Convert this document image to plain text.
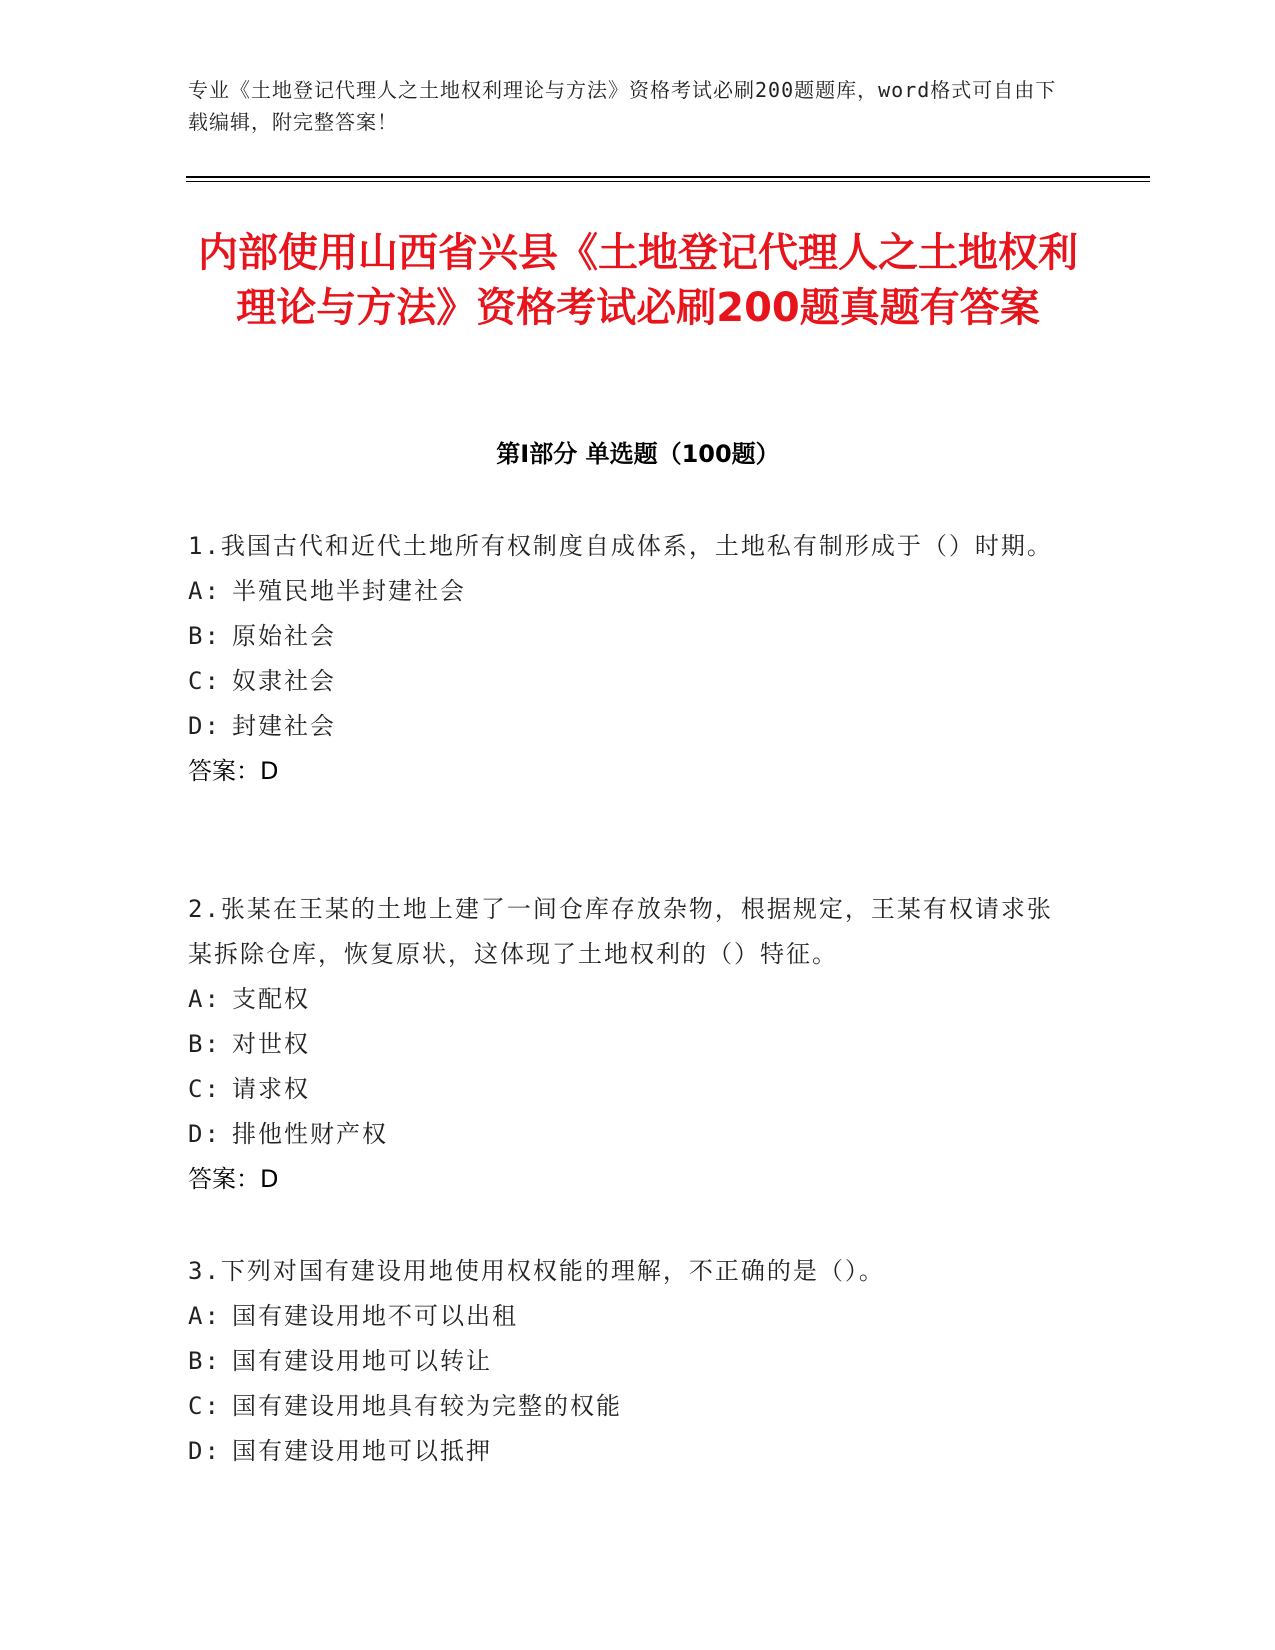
专业《土地登记代理人之土地权利理论与方法》资格考试必刷200题题库，word格式可自由下载编辑，附完整答案！
内部使用山西省兴县《土地登记代理人之土地权利理论与方法》资格考试必刷200题真题有答案
第Ⅰ部分 单选题（100题）
1.我国古代和近代土地所有权制度自成体系，土地私有制形成于（）时期。
A: 半殖民地半封建社会
B: 原始社会
C: 奴隶社会
D: 封建社会
答案：D
2.张某在王某的土地上建了一间仓库存放杂物，根据规定，王某有权请求张某拆除仓库，恢复原状，这体现了土地权利的（）特征。
A: 支配权
B: 对世权
C: 请求权
D: 排他性财产权
答案：D
3.下列对国有建设用地使用权权能的理解，不正确的是（）。
A: 国有建设用地不可以出租
B: 国有建设用地可以转让
C: 国有建设用地具有较为完整的权能
D: 国有建设用地可以抵押
